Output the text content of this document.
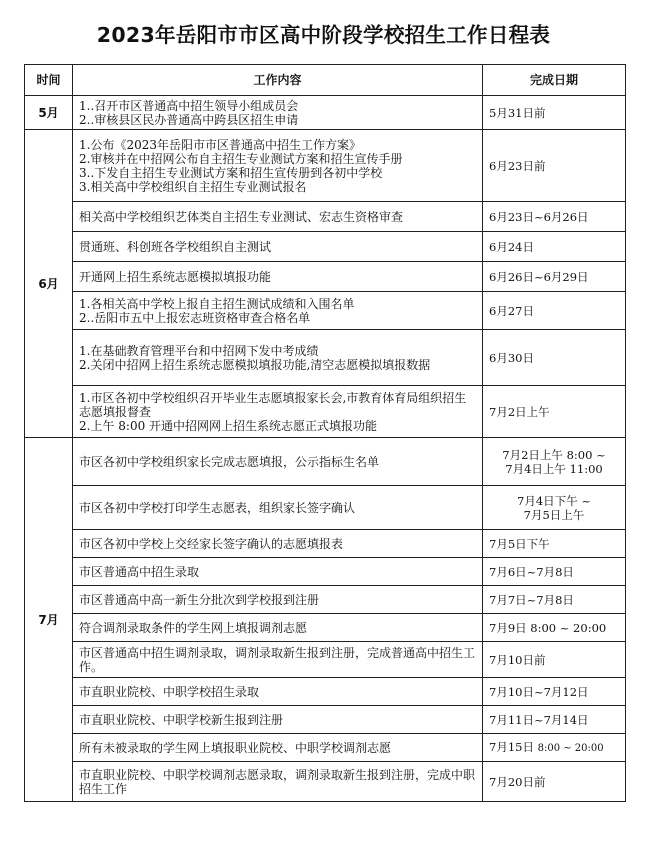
2023年岳阳市市区高中阶段学校招生工作日程表
时间	工作内容	完成日期
5月	1..召开市区普通高中招生领导小组成员会
2..审核县区民办普通高中跨县区招生申请	5月31日前

6月	1.公布《2023年岳阳市市区普通高中招生工作方案》
2.审核并在中招网公布自主招生专业测试方案和招生宣传手册
3..下发自主招生专业测试方案和招生宣传册到各初中学校
3.相关高中学校组织自主招生专业测试报名	6月23日前

	相关高中学校组织艺体类自主招生专业测试、宏志生资格审查	6月23日~6月26日

	贯通班、科创班各学校组织自主测试	6月24日

	开通网上招生系统志愿模拟填报功能	6月26日~6月29日

	1.各相关高中学校上报自主招生测试成绩和入围名单
2..岳阳市五中上报宏志班资格审查合格名单	6月27日

	1.在基础教育管理平台和中招网下发中考成绩
2.关闭中招网上招生系统志愿模拟填报功能,清空志愿模拟填报数据	6月30日

	1.市区各初中学校组织召开毕业生志愿填报家长会,市教育体育局组织招生志愿填报督查
2.上午 8:00 开通中招网网上招生系统志愿正式填报功能	7月2日上午

7月	市区各初中学校组织家长完成志愿填报，公示指标生名单	7月2日上午 8:00 ~
7月4日上午 11:00

	市区各初中学校打印学生志愿表，组织家长签字确认	7月4日下午 ~
7月5日上午

	市区各初中学校上交经家长签字确认的志愿填报表	7月5日下午

	市区普通高中招生录取	7月6日~7月8日

	市区普通高中高一新生分批次到学校报到注册	7月7日~7月8日

	符合调剂录取条件的学生网上填报调剂志愿	7月9日 8:00 ~ 20:00

	市区普通高中招生调剂录取，调剂录取新生报到注册，完成普通高中招生工作。	7月10日前

	市直职业院校、中职学校招生录取	7月10日~7月12日

	市直职业院校、中职学校新生报到注册	7月11日~7月14日

	所有未被录取的学生网上填报职业院校、中职学校调剂志愿	7月15日 8:00 ~ 20:00

	市直职业院校、中职学校调剂志愿录取，调剂录取新生报到注册，完成中职招生工作	7月20日前
